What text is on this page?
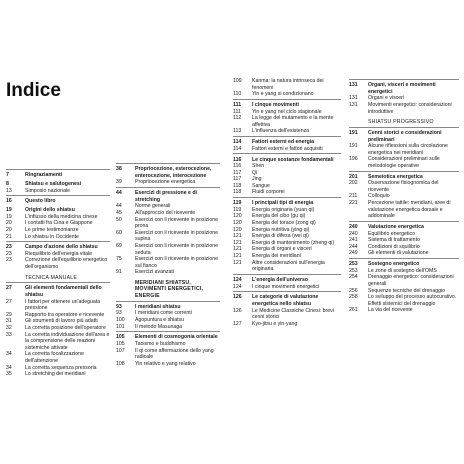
Indice
7	Ringraziamenti
8	Shiatsu e salutogenesi
13	Simposio nazionale
16	Questo libro
19	Origini dello shiatsu
19	L'influsso della medicina cinese
20	I contatti fra Cina e Giappone
20	Le prime testimonianze
21	Lo shiatsu in Occidente
23	Campo d'azione dello shiatsu
23	Riequilibrio dell'energia vitale
23	Correzione dell'equilibrio energetico dell'organismo
TECNICA MANUALE
27	Gli elementi fondamentali dello shiatsu
27	I fattori per ottenere un'adeguata pressione
29	Rapporto tra operatore e ricevente
31	Gli strumenti di lavoro più adatti
32	La corretta posizione dell'operatore
33	La corretta individuazione dell'area e la comprensione delle reazioni sistemiche attivate
34	La corretta focalizzazione dell'attenzione
34	La corretta sequenza pressoria
35	Lo stretching dei meridiani
38	Propriocezione, esterocezione, enterocezione, interocezione
39	Propriocezione energetica
44	Esercizi di pressione e di stretching
44	Norme generali
45	All'approccio del ricevente
50	Esercizi con il ricevente in posizione prona
60	Esercizi con il ricevente in posizione supina
69	Esercizi con il ricevente in posizione seduta
75	Esercizi con il ricevente in posizione sul fianco
91	Esercizi avanzati
MERIDIANI SHIATSU, MOVIMENTI ENERGETICI, ENERGIE
93	I meridiani shiatsu
93	I meridiani come correnti
100	Agopuntura e shiatsu
101	Il metodo Masunaga
105	Elementi di cosmogonia orientale
105	Taoismo e buddhismo
107	Il qi come affermazione dello yang radicale
108	Yin relativo e yang relativo
109	Kanma: la natura intrinseca dei fenomeni
110	Yin e yang si condizionano
111	I cinque movimenti
111	Yin e yang nel ciclo stagionale
112	La legge del mutamento e la mente affettiva
113	L'influenza dell'esistenza
114	Fattori esterni ed energia
114	Fattori esterni e fattori acquisiti
116	Le cinque sostanze fondamentali
116	Shen
117	Qi
117	Jing
118	Sangue
118	Fluidi corporei
119	I principali tipi di energia
119	Energia originaria (yuan qi)
120	Energia del cibo (gu qi)
120	Energia del torace (zong qi)
120	Energia nutritiva (ying qi)
121	Energia di difesa (wei qi)
121	Energia di mantenimento (zheng qi)
121	Energia di organi e visceri
121	Energia dei meridiani
121	Altre considerazioni sull'energia originaria
124	L'energia dell'universo
124	I cinque movimenti energetici
126	Le categorie di valutazione energetica nello shiatsu
126	Le Medicine Classiche Cinesi: brevi cenni storici
127	Kyo-jitsu e yin-yang
131	Organi, visceri e movimenti energetici
131	Organi e visceri
131	Movimenti energetici: considerazioni introduttive
SHIATSU PROGRESSIVO
191	Cenni storici e considerazioni preliminari
191	Alcune riflessioni sulla circolazione energetica nei meridiani
196	Considerazioni preliminari sulle metodologie operative
201	Semeiotica energetica
202	Osservazione fisiognomica del ricevente
211	Colloquio
221	Percezione tattile: meridiani, aree di valutazione energetica dorsale e addominale
240	Valutazione energetica
240	Equilibrio energetico
241	Sistema di trattamento
244	Condizioni di squilibrio
249	Gli elementi di valutazione
253	Sostegno energetico
253	Le zone di sostegno dell'OMS
254	Drenaggio energetico: considerazioni generali
256	Sequenze tecniche del drenaggio
258	Lo sviluppo del processo autocurativo. Effetti sistemici del drenaggio
261	La via del ricevente
